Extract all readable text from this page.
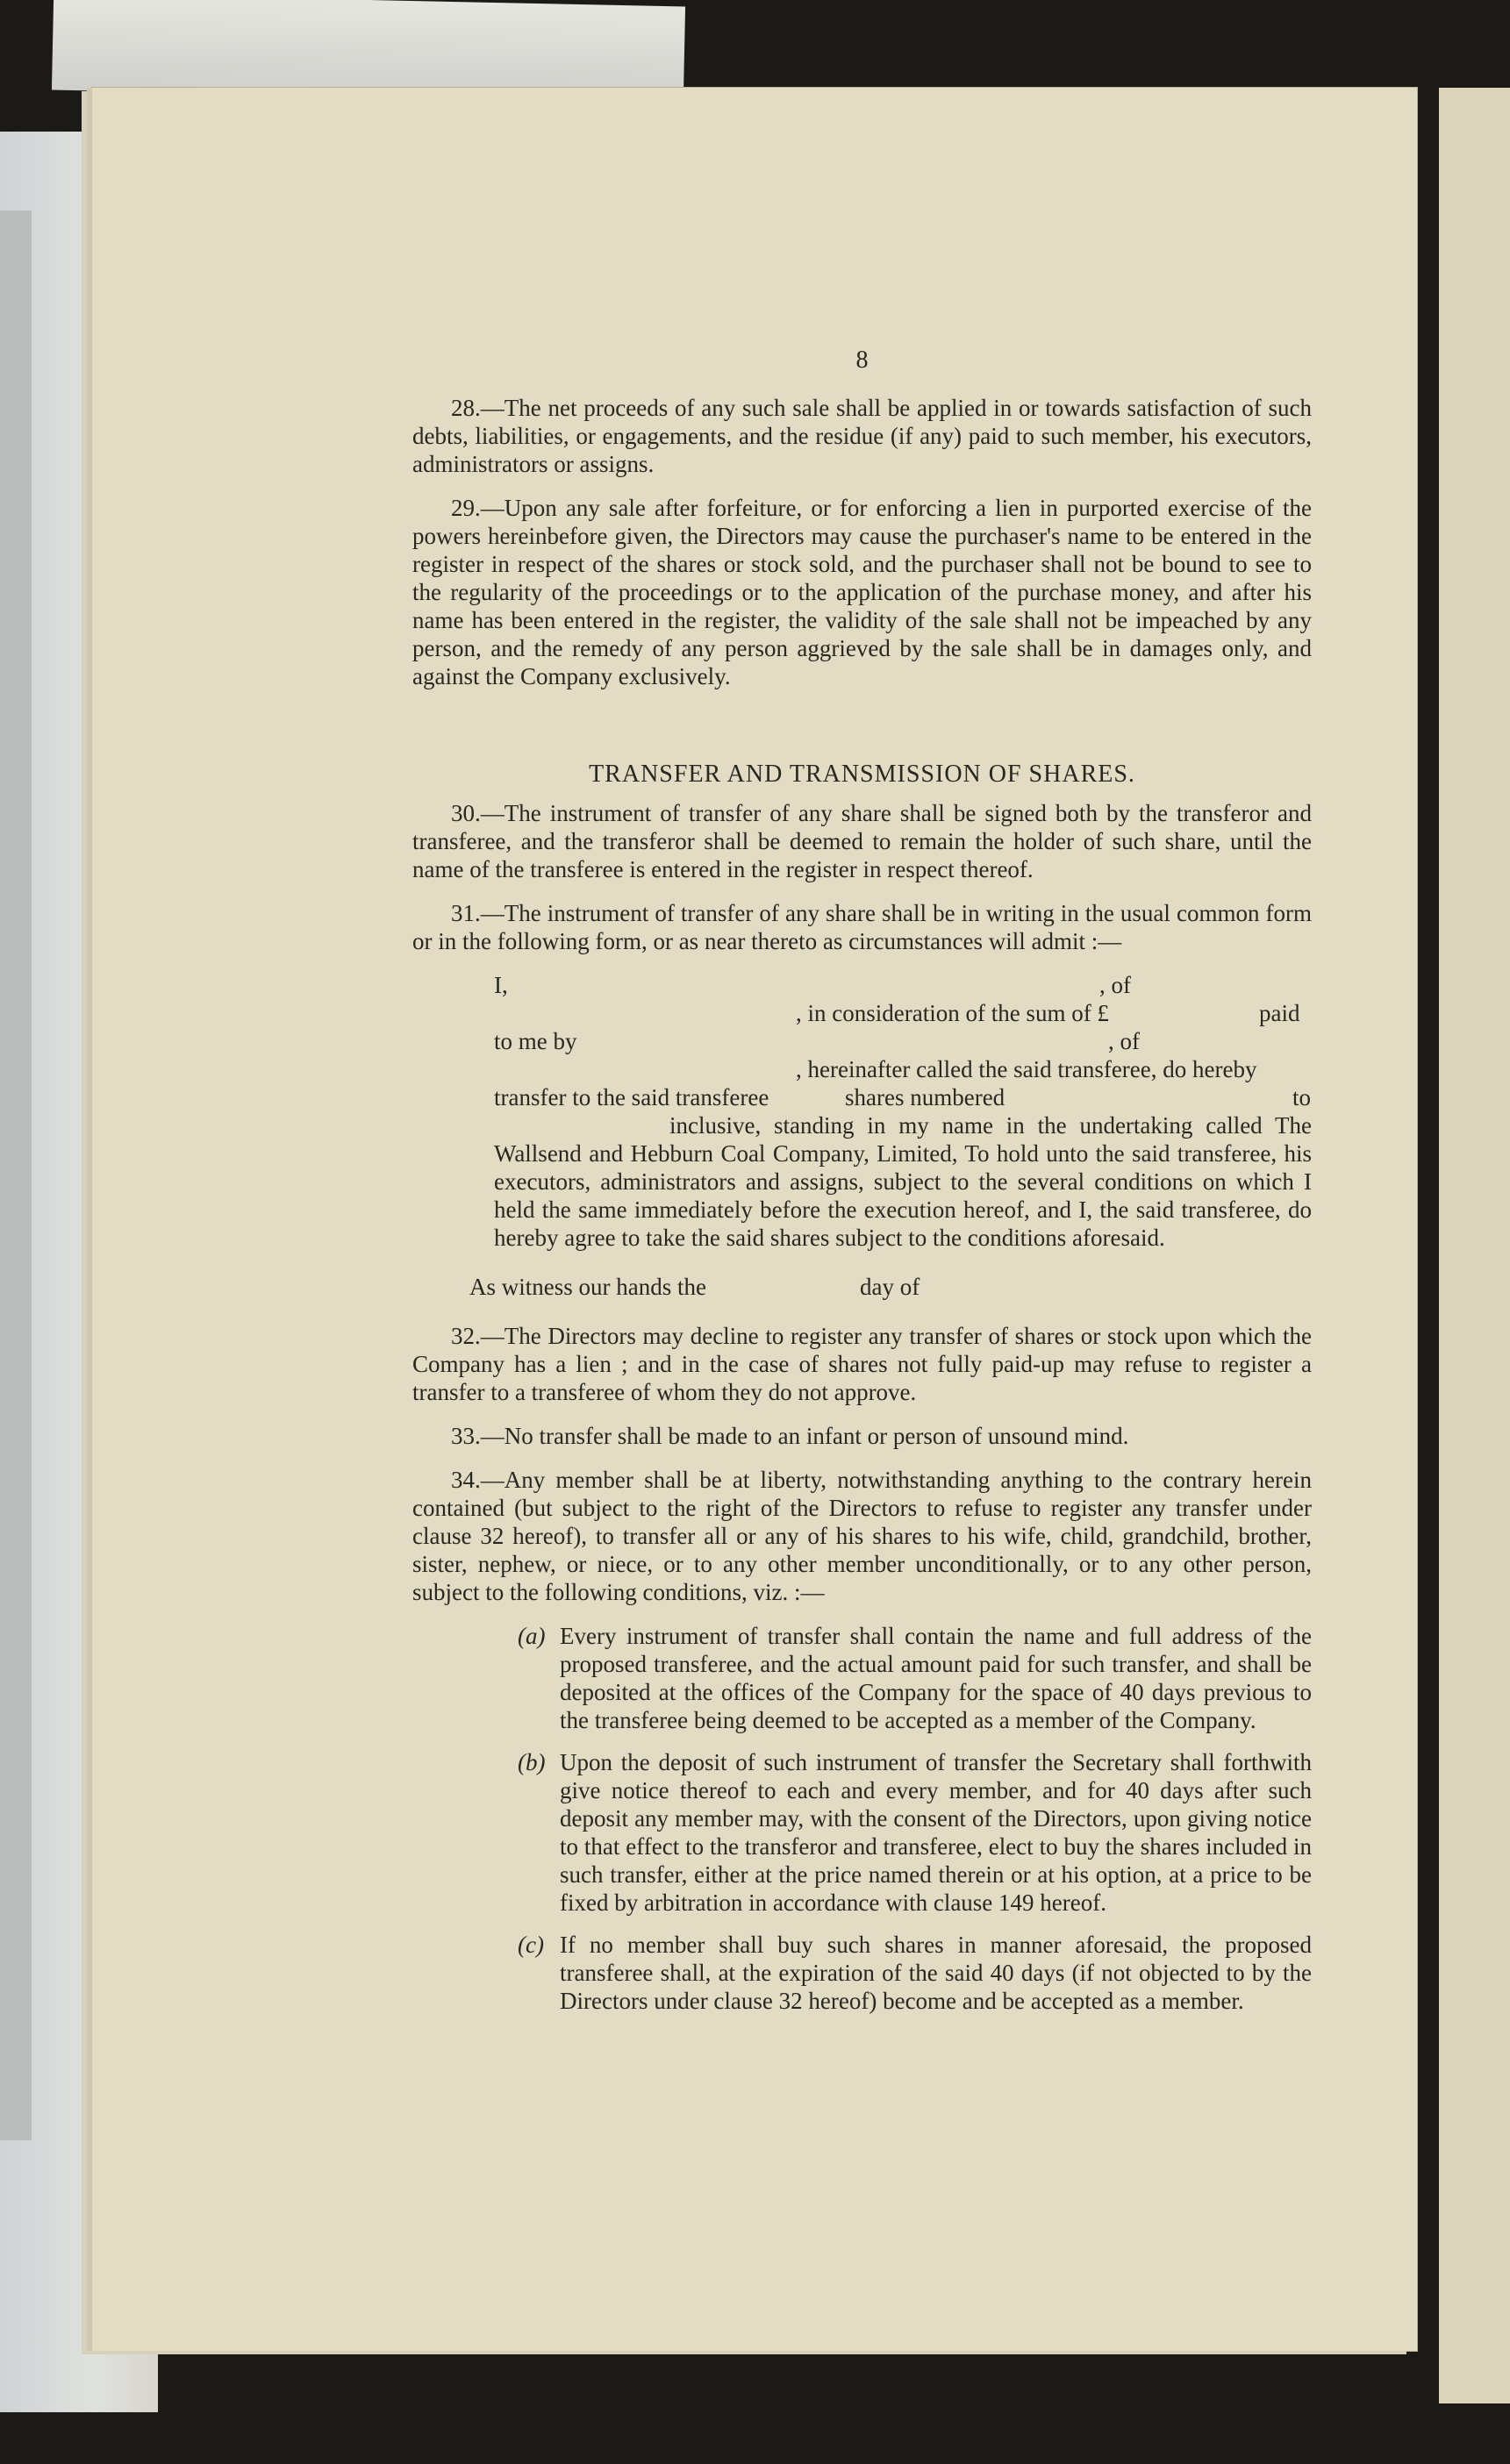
8

28.—The net proceeds of any such sale shall be applied in or towards satisfaction of such debts, liabilities, or engagements, and the residue (if any) paid to such member, his executors, administrators or assigns.

29.—Upon any sale after forfeiture, or for enforcing a lien in purported exercise of the powers hereinbefore given, the Directors may cause the purchaser's name to be entered in the register in respect of the shares or stock sold, and the purchaser shall not be bound to see to the regularity of the proceedings or to the application of the purchase money, and after his name has been entered in the register, the validity of the sale shall not be impeached by any person, and the remedy of any person aggrieved by the sale shall be in damages only, and against the Company exclusively.

TRANSFER AND TRANSMISSION OF SHARES.

30.—The instrument of transfer of any share shall be signed both by the transferor and transferee, and the transferor shall be deemed to remain the holder of such share, until the name of the transferee is entered in the register in respect thereof.

31.—The instrument of transfer of any share shall be in writing in the usual common form or in the following form, or as near thereto as circumstances will admit :—

I,	, of
, in consideration of the sum of £	paid
to me by	, of
, hereinafter called the said transferee, do hereby
transfer to the said transferee	shares numbered	to

inclusive, standing in my name in the undertaking called The Wallsend and Hebburn Coal Company, Limited, To hold unto the said transferee, his executors, administrators and assigns, subject to the several conditions on which I held the same immediately before the execution hereof, and I, the said transferee, do hereby agree to take the said shares subject to the conditions aforesaid.

As witness our hands the	day of

32.—The Directors may decline to register any transfer of shares or stock upon which the Company has a lien ; and in the case of shares not fully paid-up may refuse to register a transfer to a transferee of whom they do not approve.

33.—No transfer shall be made to an infant or person of unsound mind.

34.—Any member shall be at liberty, notwithstanding anything to the contrary herein contained (but subject to the right of the Directors to refuse to register any transfer under clause 32 hereof), to transfer all or any of his shares to his wife, child, grandchild, brother, sister, nephew, or niece, or to any other member unconditionally, or to any other person, subject to the following conditions, viz. :—

(a) Every instrument of transfer shall contain the name and full address of the proposed transferee, and the actual amount paid for such transfer, and shall be deposited at the offices of the Company for the space of 40 days previous to the transferee being deemed to be accepted as a member of the Company.
(b) Upon the deposit of such instrument of transfer the Secretary shall forthwith give notice thereof to each and every member, and for 40 days after such deposit any member may, with the consent of the Directors, upon giving notice to that effect to the transferor and transferee, elect to buy the shares included in such transfer, either at the price named therein or at his option, at a price to be fixed by arbitration in accordance with clause 149 hereof.
(c) If no member shall buy such shares in manner aforesaid, the proposed transferee shall, at the expiration of the said 40 days (if not objected to by the Directors under clause 32 hereof) become and be accepted as a member.
